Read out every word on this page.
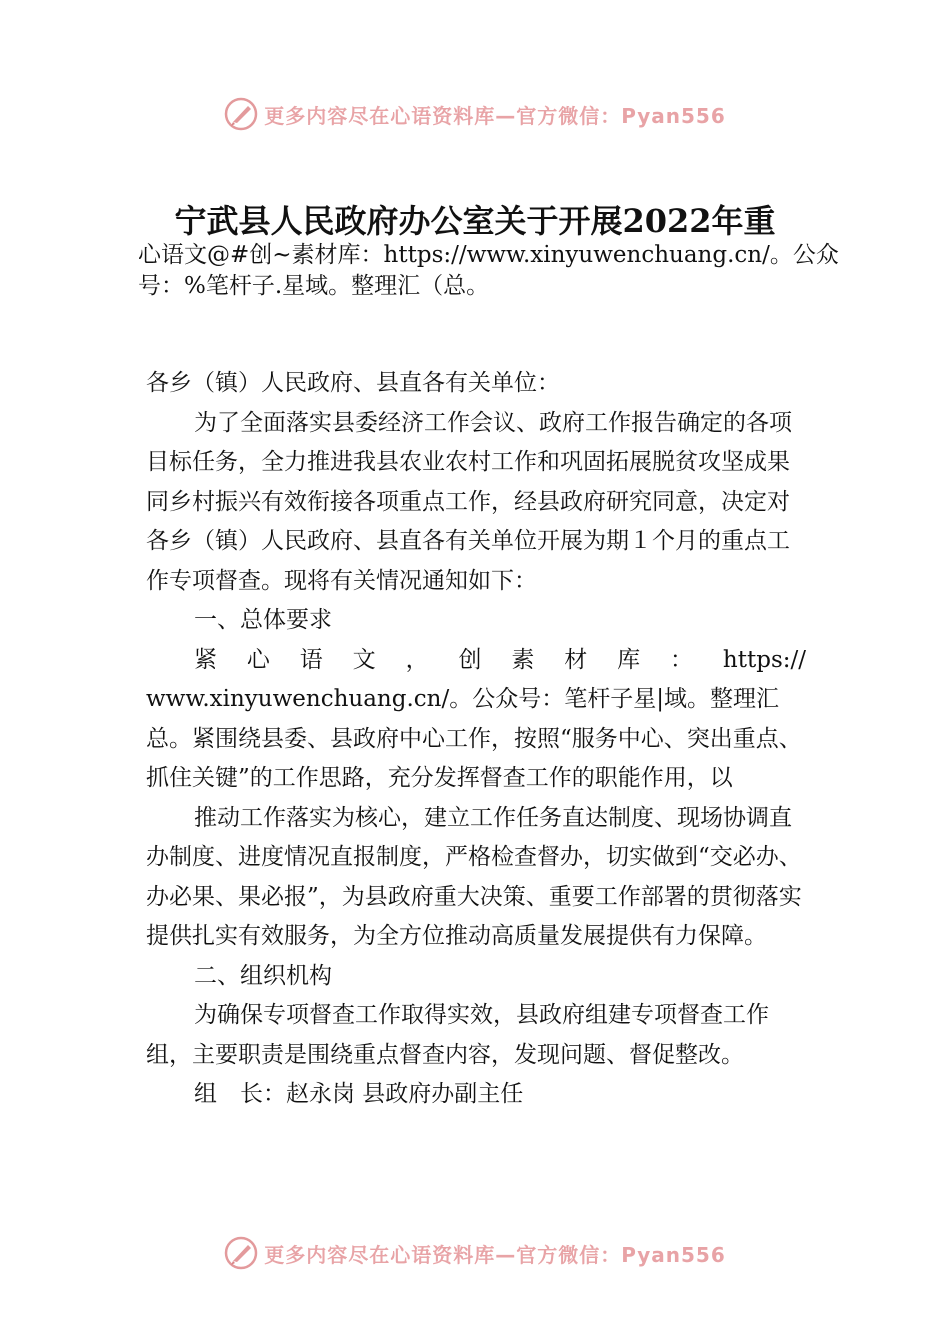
更多内容尽在心语资料库—官方微信：Pyan556
宁武县人民政府办公室关于开展2022年重
心语文@#创~素材库：https://www.xinyuwenchuang.cn/。公众号：%笔杆子.星域。整理汇（总。

各乡（镇）人民政府、县直各有关单位：

为了全面落实县委经济工作会议、政府工作报告确定的各项目标任务，全力推进我县农业农村工作和巩固拓展脱贫攻坚成果同乡村振兴有效衔接各项重点工作，经县政府研究同意，决定对各乡（镇）人民政府、县直各有关单位开展为期１个月的重点工作专项督查。现将有关情况通知如下：

一、总体要求

紧心语文，创素材库：https://

www.xinyuwenchuang.cn/。公众号：笔杆子星|域。整理汇总。紧围绕县委、县政府中心工作，按照“服务中心、突出重点、抓住关键”的工作思路，充分发挥督查工作的职能作用，以

推动工作落实为核心，建立工作任务直达制度、现场协调直办制度、进度情况直报制度，严格检查督办，切实做到“交必办、办必果、果必报”，为县政府重大决策、重要工作部署的贯彻落实提供扎实有效服务，为全方位推动高质量发展提供有力保障。

二、组织机构

为确保专项督查工作取得实效，县政府组建专项督查工作组，主要职责是围绕重点督查内容，发现问题、督促整改。

组　长：赵永岗 县政府办副主任

更多内容尽在心语资料库—官方微信：Pyan556
